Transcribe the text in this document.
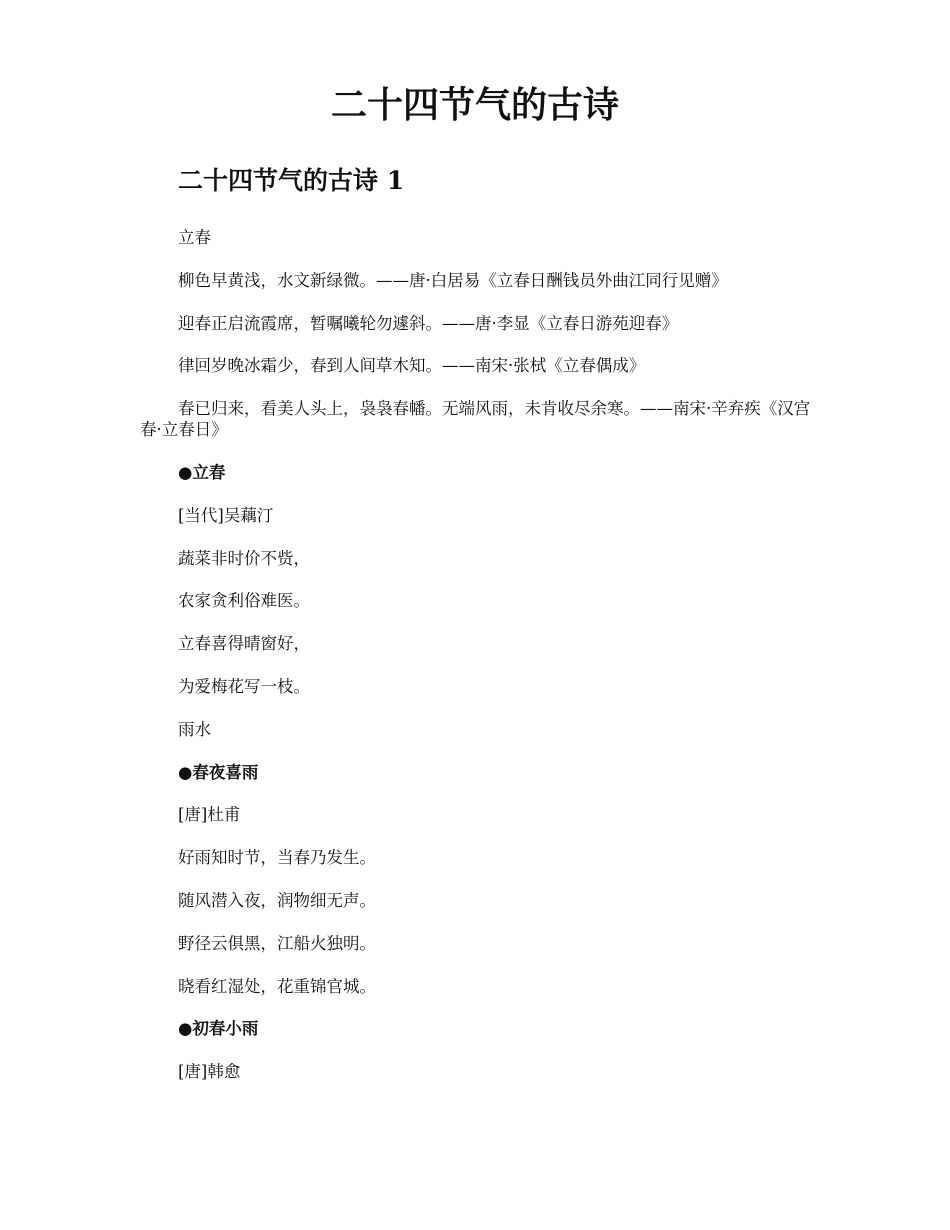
二十四节气的古诗
二十四节气的古诗 1

立春

柳色早黄浅，水文新绿微。——唐·白居易《立春日酬钱员外曲江同行见赠》

迎春正启流霞席，暂嘱曦轮勿遽斜。——唐·李显《立春日游苑迎春》

律回岁晚冰霜少，春到人间草木知。——南宋·张栻《立春偶成》

春已归来，看美人头上，袅袅春幡。无端风雨，未肯收尽余寒。——南宋·辛弃疾《汉宫春·立春日》

●立春

[当代]吴藕汀

蔬菜非时价不赀，

农家贪利俗难医。

立春喜得晴窗好，

为爱梅花写一枝。

雨水

●春夜喜雨

[唐]杜甫

好雨知时节，当春乃发生。

随风潜入夜，润物细无声。

野径云俱黑，江船火独明。

晓看红湿处，花重锦官城。

●初春小雨

[唐]韩愈
